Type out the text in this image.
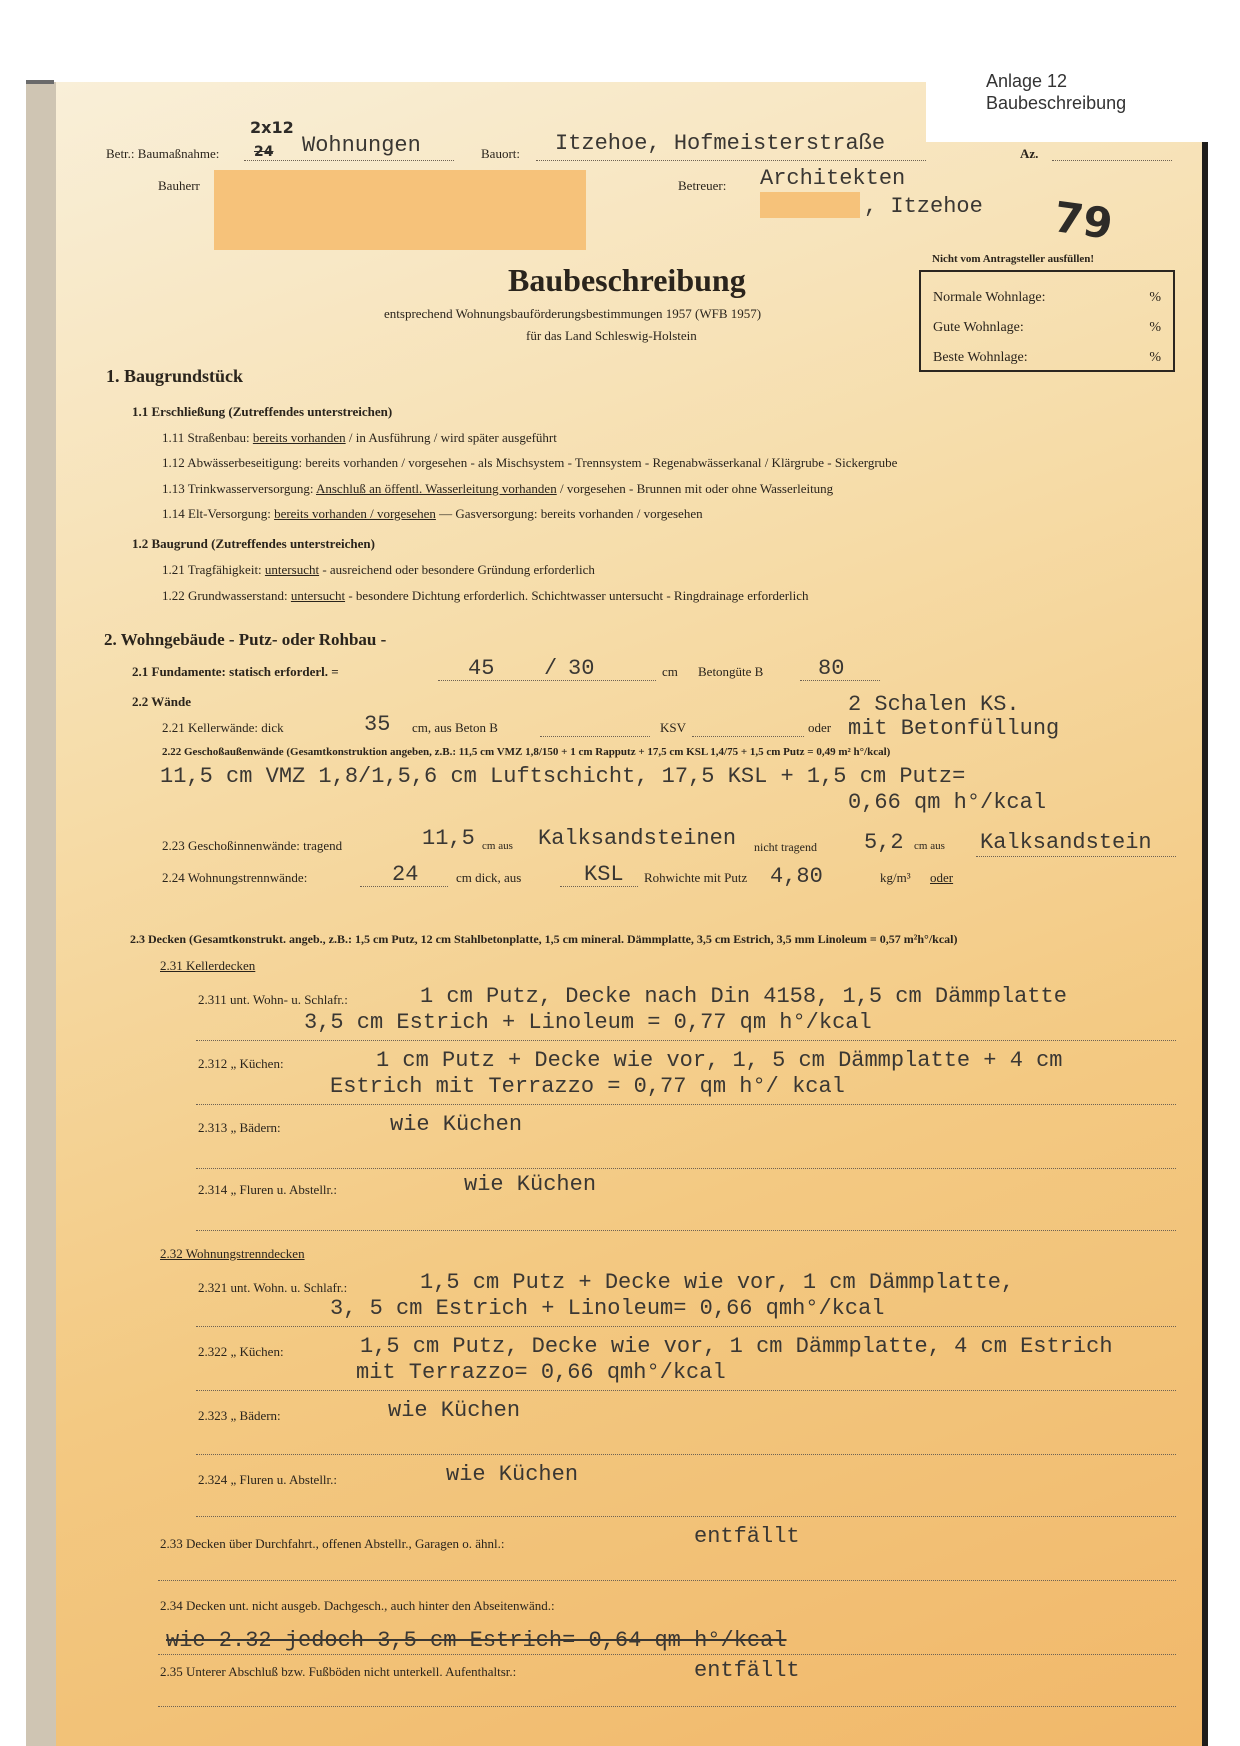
Anlage 12
Baubeschreibung
Betr.: Baumaßnahme:
2x12
24 Wohnungen	Bauort: Itzehoe, Hofmeisterstraße	Az.
Bauherr	Betreuer: Architekten
, Itzehoe 79
Baubeschreibung
entsprechend Wohnungsbauförderungsbestimmungen 1957 (WFB 1957)
für das Land Schleswig-Holstein
Nicht vom Antragsteller ausfüllen!
Normale Wohnlage:	%
Gute Wohnlage:	%
Beste Wohnlage:	%
1. Baugrundstück
1.1 Erschließung (Zutreffendes unterstreichen)
1.11 Straßenbau: bereits vorhanden / in Ausführung / wird später ausgeführt
1.12 Abwässerbeseitigung: bereits vorhanden / vorgesehen - als Mischsystem - Trennsystem - Regenabwässerkanal / Klärgrube - Sickergrube
1.13 Trinkwasserversorgung: Anschluß an öffentl. Wasserleitung vorhanden / vorgesehen - Brunnen mit oder ohne Wasserleitung
1.14 Elt-Versorgung: bereits vorhanden / vorgesehen — Gasversorgung: bereits vorhanden / vorgesehen
1.2 Baugrund (Zutreffendes unterstreichen)
1.21 Tragfähigkeit: untersucht - ausreichend oder besondere Gründung erforderlich
1.22 Grundwasserstand: untersucht - besondere Dichtung erforderlich. Schichtwasser untersucht - Ringdrainage erforderlich
2. Wohngebäude - Putz- oder Rohbau -
2.1 Fundamente: statisch erforderl. =	45 / 30	cm Betongüte B 80
2.2 Wände	2 Schalen KS.
2.21 Kellerwände: dick	35 cm, aus Beton B	KSV	oder mit Betonfüllung
2.22 Geschoßaußenwände (Gesamtkonstruktion angeben, z.B.: 11,5 cm VMZ 1,8/150 + 1 cm Rapputz + 17,5 cm KSL 1,4/75 + 1,5 cm Putz = 0,49 m² h°/kcal)
11,5 cm VMZ 1,8/1,5,6 cm Luftschicht, 17,5 KSL + 1,5 cm Putz=
0,66 qm h°/kcal
2.23 Geschoßinnenwände: tragend	11,5 cm aus Kalksandsteinen nicht tragend 5,2 cm aus Kalksandstein
2.24 Wohnungstrennwände:	24	cm dick, aus	KSL Rohwichte mit Putz 4,80	kg/m³ oder
2.3 Decken (Gesamtkonstrukt. angeb., z.B.: 1,5 cm Putz, 12 cm Stahlbetonplatte, 1,5 cm mineral. Dämmplatte, 3,5 cm Estrich, 3,5 mm Linoleum = 0,57 m²h°/kcal)
2.31 Kellerdecken
2.311 unt. Wohn- u. Schlafr.:	1 cm Putz, Decke nach Din 4158, 1,5 cm Dämmplatte
3,5 cm Estrich + Linoleum = 0,77 qm h°/kcal
2.312 „ Küchen:	1 cm Putz + Decke wie vor, 1, 5 cm Dämmplatte + 4 cm
Estrich mit Terrazzo = 0,77 qm h°/ kcal
2.313 „ Bädern:	wie Küchen
2.314 „ Fluren u. Abstellr.:	wie Küchen
2.32 Wohnungstrenndecken
2.321 unt. Wohn. u. Schlafr.:	1,5 cm Putz + Decke wie vor, 1 cm Dämmplatte,
3, 5 cm Estrich + Linoleum= 0,66 qmh°/kcal
2.322 „ Küchen:	1,5 cm Putz, Decke wie vor, 1 cm Dämmplatte, 4 cm Estrich
mit Terrazzo= 0,66 qmh°/kcal
2.323 „ Bädern:	wie Küchen
2.324 „ Fluren u. Abstellr.:	wie Küchen
2.33 Decken über Durchfahrt., offenen Abstellr., Garagen o. ähnl.:	entfällt
2.34 Decken unt. nicht ausgeb. Dachgesch., auch hinter den Abseitenwänd.:
wie 2.32 jedoch 3,5 cm Estrich= 0,64 qm h°/kcal
2.35 Unterer Abschluß bzw. Fußböden nicht unterkell. Aufenthaltsr.:	entfällt
